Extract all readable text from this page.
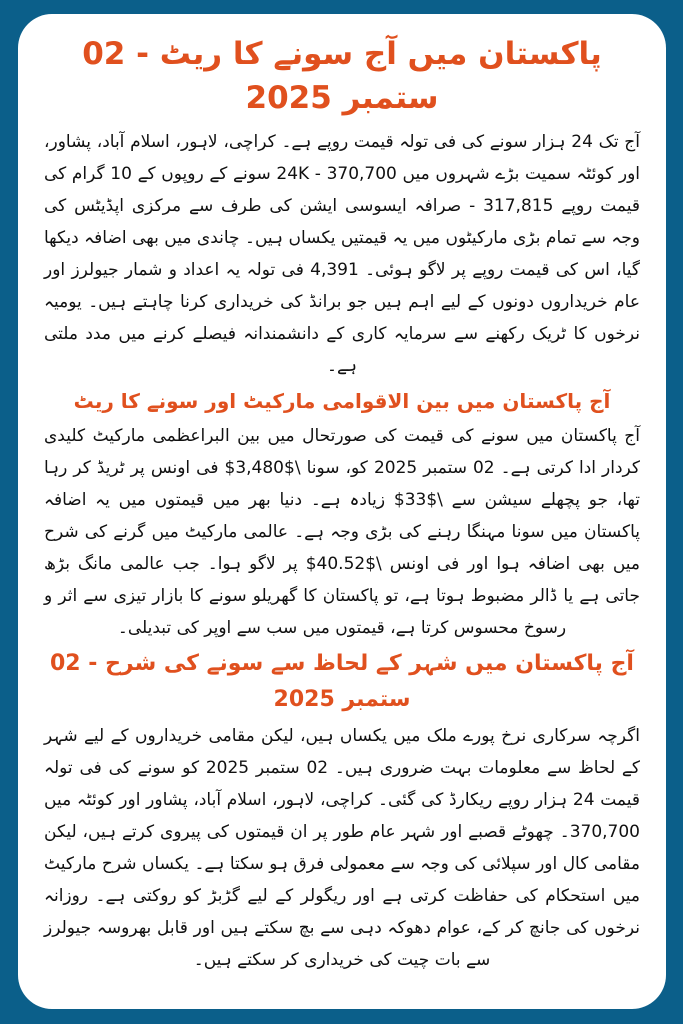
پاکستان میں آج سونے کا ریٹ - 02 ستمبر 2025

آج تک 24 ہزار سونے کی فی تولہ قیمت روپے ہے۔ کراچی، لاہور، اسلام آباد، پشاور، اور کوئٹہ سمیت بڑے شہروں میں 370,700 - 24K سونے کے روپوں کے 10 گرام کی قیمت روپے 317,815 - صرافہ ایسوسی ایشن کی طرف سے مرکزی اپڈیٹس کی وجہ سے تمام بڑی مارکیٹوں میں یہ قیمتیں یکساں ہیں۔ چاندی میں بھی اضافہ دیکھا گیا، اس کی قیمت روپے پر لاگو ہوئی۔ 4,391 فی تولہ یہ اعداد و شمار جیولرز اور عام خریداروں دونوں کے لیے اہم ہیں جو برانڈ کی خریداری کرنا چاہتے ہیں۔ یومیہ نرخوں کا ٹریک رکھنے سے سرمایہ کاری کے دانشمندانہ فیصلے کرنے میں مدد ملتی ہے۔

آج پاکستان میں بین الاقوامی مارکیٹ اور سونے کا ریٹ

آج پاکستان میں سونے کی قیمت کی صورتحال میں بین البراعظمی مارکیٹ کلیدی کردار ادا کرتی ہے۔ 02 ستمبر 2025 کو، سونا \$3,480$ فی اونس پر ٹریڈ کر رہا تھا، جو پچھلے سیشن سے \$33$ زیادہ ہے۔ دنیا بھر میں قیمتوں میں یہ اضافہ پاکستان میں سونا مہنگا رہنے کی بڑی وجہ ہے۔ عالمی مارکیٹ میں گرنے کی شرح میں بھی اضافہ ہوا اور فی اونس \$40.52$ پر لاگو ہوا۔ جب عالمی مانگ بڑھ جاتی ہے یا ڈالر مضبوط ہوتا ہے، تو پاکستان کا گھریلو سونے کا بازار تیزی سے اثر و رسوخ محسوس کرتا ہے، قیمتوں میں سب سے اوپر کی تبدیلی۔

آج پاکستان میں شہر کے لحاظ سے سونے کی شرح - 02 ستمبر 2025

اگرچہ سرکاری نرخ پورے ملک میں یکساں ہیں، لیکن مقامی خریداروں کے لیے شہر کے لحاظ سے معلومات بہت ضروری ہیں۔ 02 ستمبر 2025 کو سونے کی فی تولہ قیمت 24 ہزار روپے ریکارڈ کی گئی۔ کراچی، لاہور، اسلام آباد، پشاور اور کوئٹہ میں 370,700۔ چھوٹے قصبے اور شہر عام طور پر ان قیمتوں کی پیروی کرتے ہیں، لیکن مقامی کال اور سپلائی کی وجہ سے معمولی فرق ہو سکتا ہے۔ یکساں شرح مارکیٹ میں استحکام کی حفاظت کرتی ہے اور ریگولر کے لیے گڑبڑ کو روکتی ہے۔ روزانہ نرخوں کی جانچ کر کے، عوام دھوکہ دہی سے بچ سکتے ہیں اور قابل بھروسہ جیولرز سے بات چیت کی خریداری کر سکتے ہیں۔
